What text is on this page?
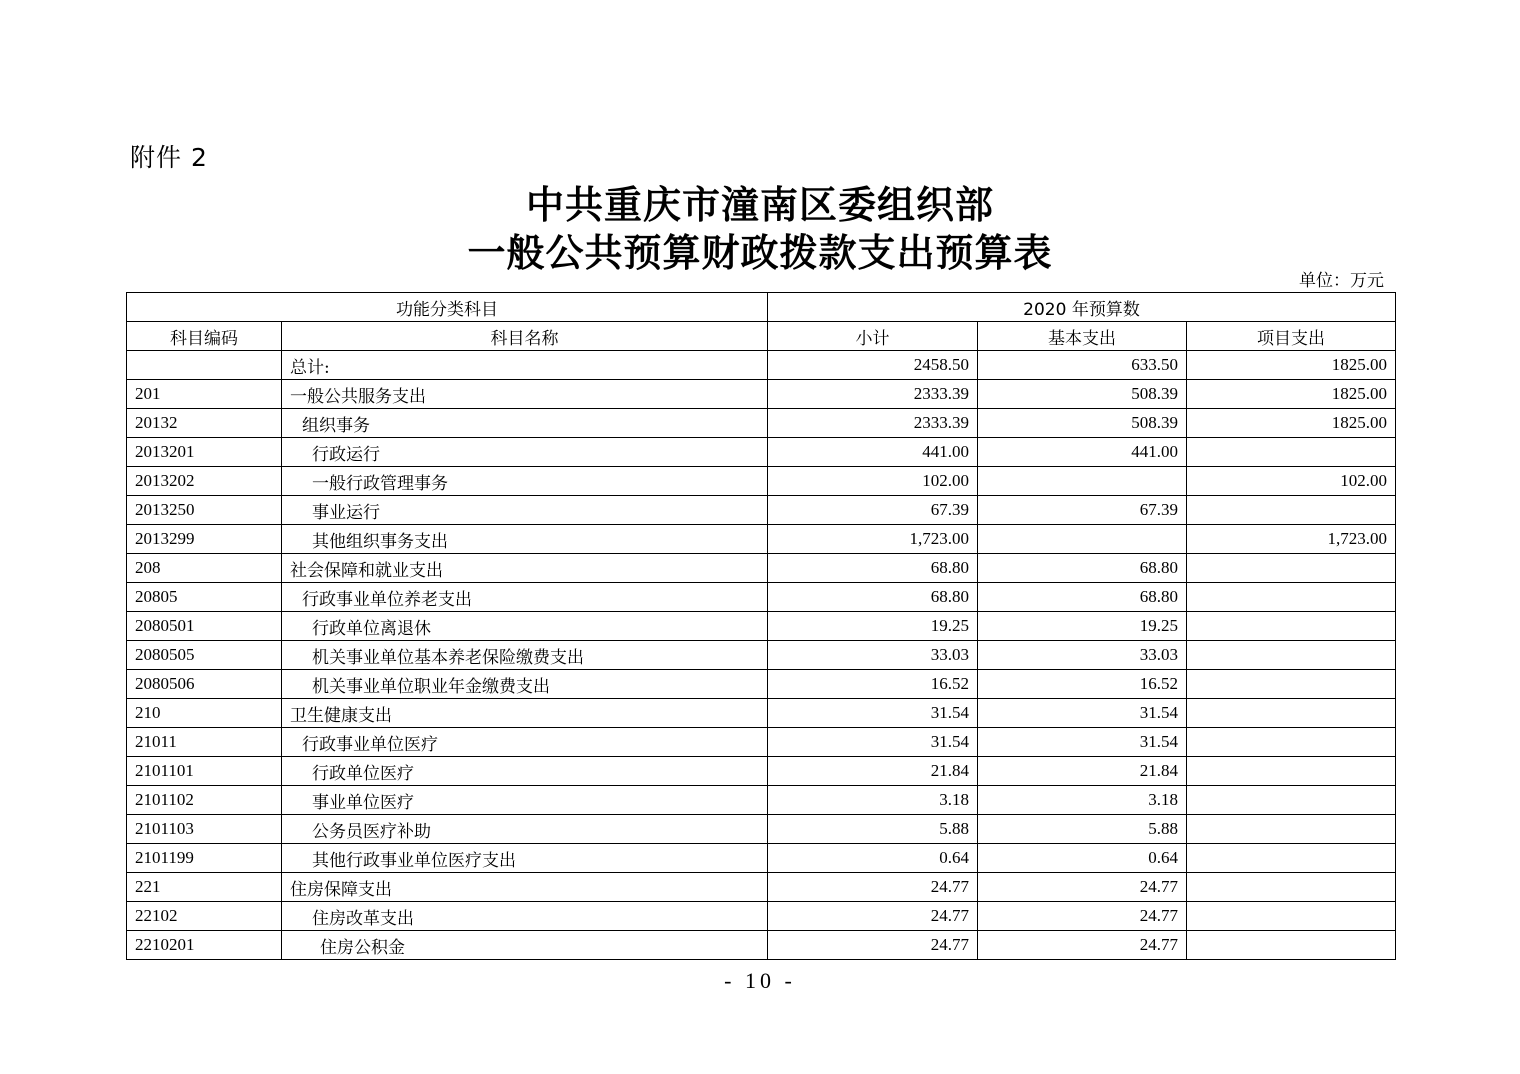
附件 2
中共重庆市潼南区委组织部
一般公共预算财政拨款支出预算表
单位：万元
功能分类科目		2020 年预算数		
科目编码	科目名称	小计	基本支出	项目支出
	总计:	2458.50	633.50	1825.00
201	一般公共服务支出	2333.39	508.39	1825.00
20132	组织事务	2333.39	508.39	1825.00
2013201	行政运行	441.00	441.00	
2013202	一般行政管理事务	102.00		102.00
2013250	事业运行	67.39	67.39	
2013299	其他组织事务支出	1,723.00		1,723.00
208	社会保障和就业支出	68.80	68.80	
20805	行政事业单位养老支出	68.80	68.80	
2080501	行政单位离退休	19.25	19.25	
2080505	机关事业单位基本养老保险缴费支出	33.03	33.03	
2080506	机关事业单位职业年金缴费支出	16.52	16.52	
210	卫生健康支出	31.54	31.54	
21011	行政事业单位医疗	31.54	31.54	
2101101	行政单位医疗	21.84	21.84	
2101102	事业单位医疗	3.18	3.18	
2101103	公务员医疗补助	5.88	5.88	
2101199	其他行政事业单位医疗支出	0.64	0.64	
221	住房保障支出	24.77	24.77	
22102	住房改革支出	24.77	24.77	
2210201	住房公积金	24.77	24.77	
- 10 -
